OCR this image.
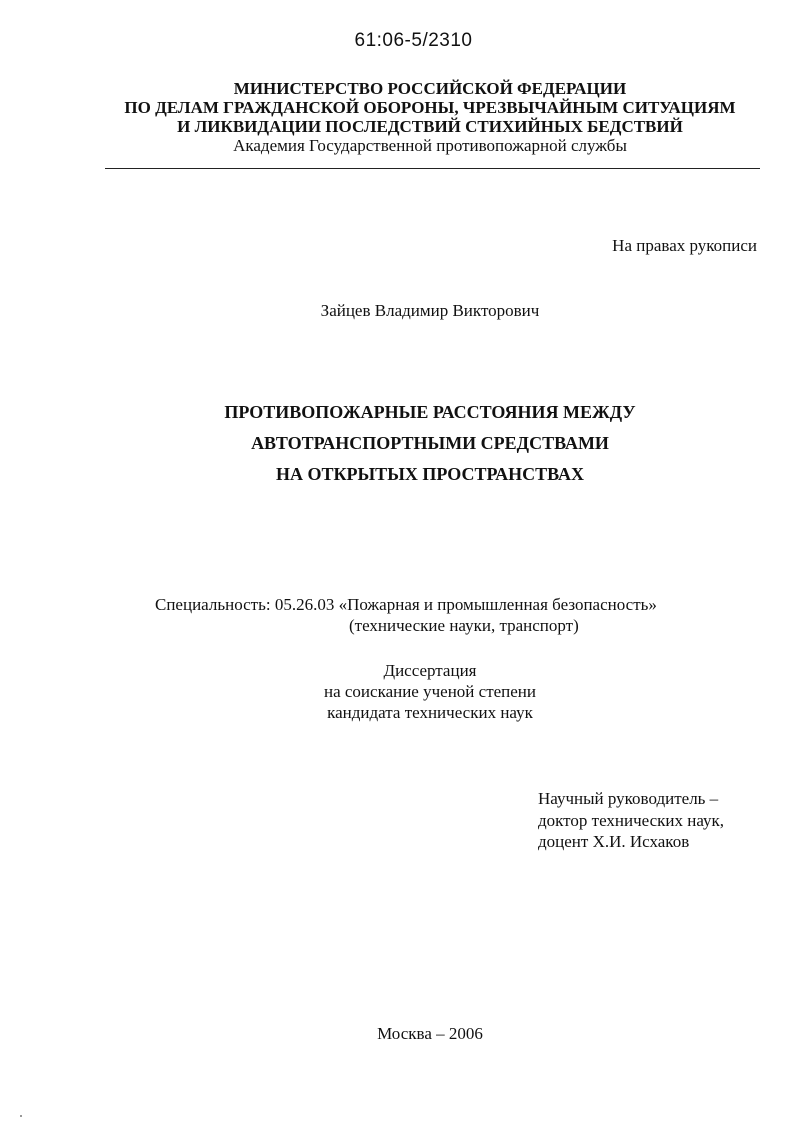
61:06-5/2310
МИНИСТЕРСТВО РОССИЙСКОЙ ФЕДЕРАЦИИ
ПО ДЕЛАМ ГРАЖДАНСКОЙ ОБОРОНЫ, ЧРЕЗВЫЧАЙНЫМ СИТУАЦИЯМ
И ЛИКВИДАЦИИ ПОСЛЕДСТВИЙ СТИХИЙНЫХ БЕДСТВИЙ
Академия Государственной противопожарной службы
На правах рукописи
Зайцев Владимир Викторович
ПРОТИВОПОЖАРНЫЕ РАССТОЯНИЯ МЕЖДУ
АВТОТРАНСПОРТНЫМИ СРЕДСТВАМИ
НА ОТКРЫТЫХ ПРОСТРАНСТВАХ
Специальность: 05.26.03 «Пожарная и промышленная безопасность»
(технические науки, транспорт)
Диссертация
на соискание ученой степени
кандидата технических наук
Научный руководитель –
доктор технических наук,
доцент Х.И. Исхаков
Москва – 2006
